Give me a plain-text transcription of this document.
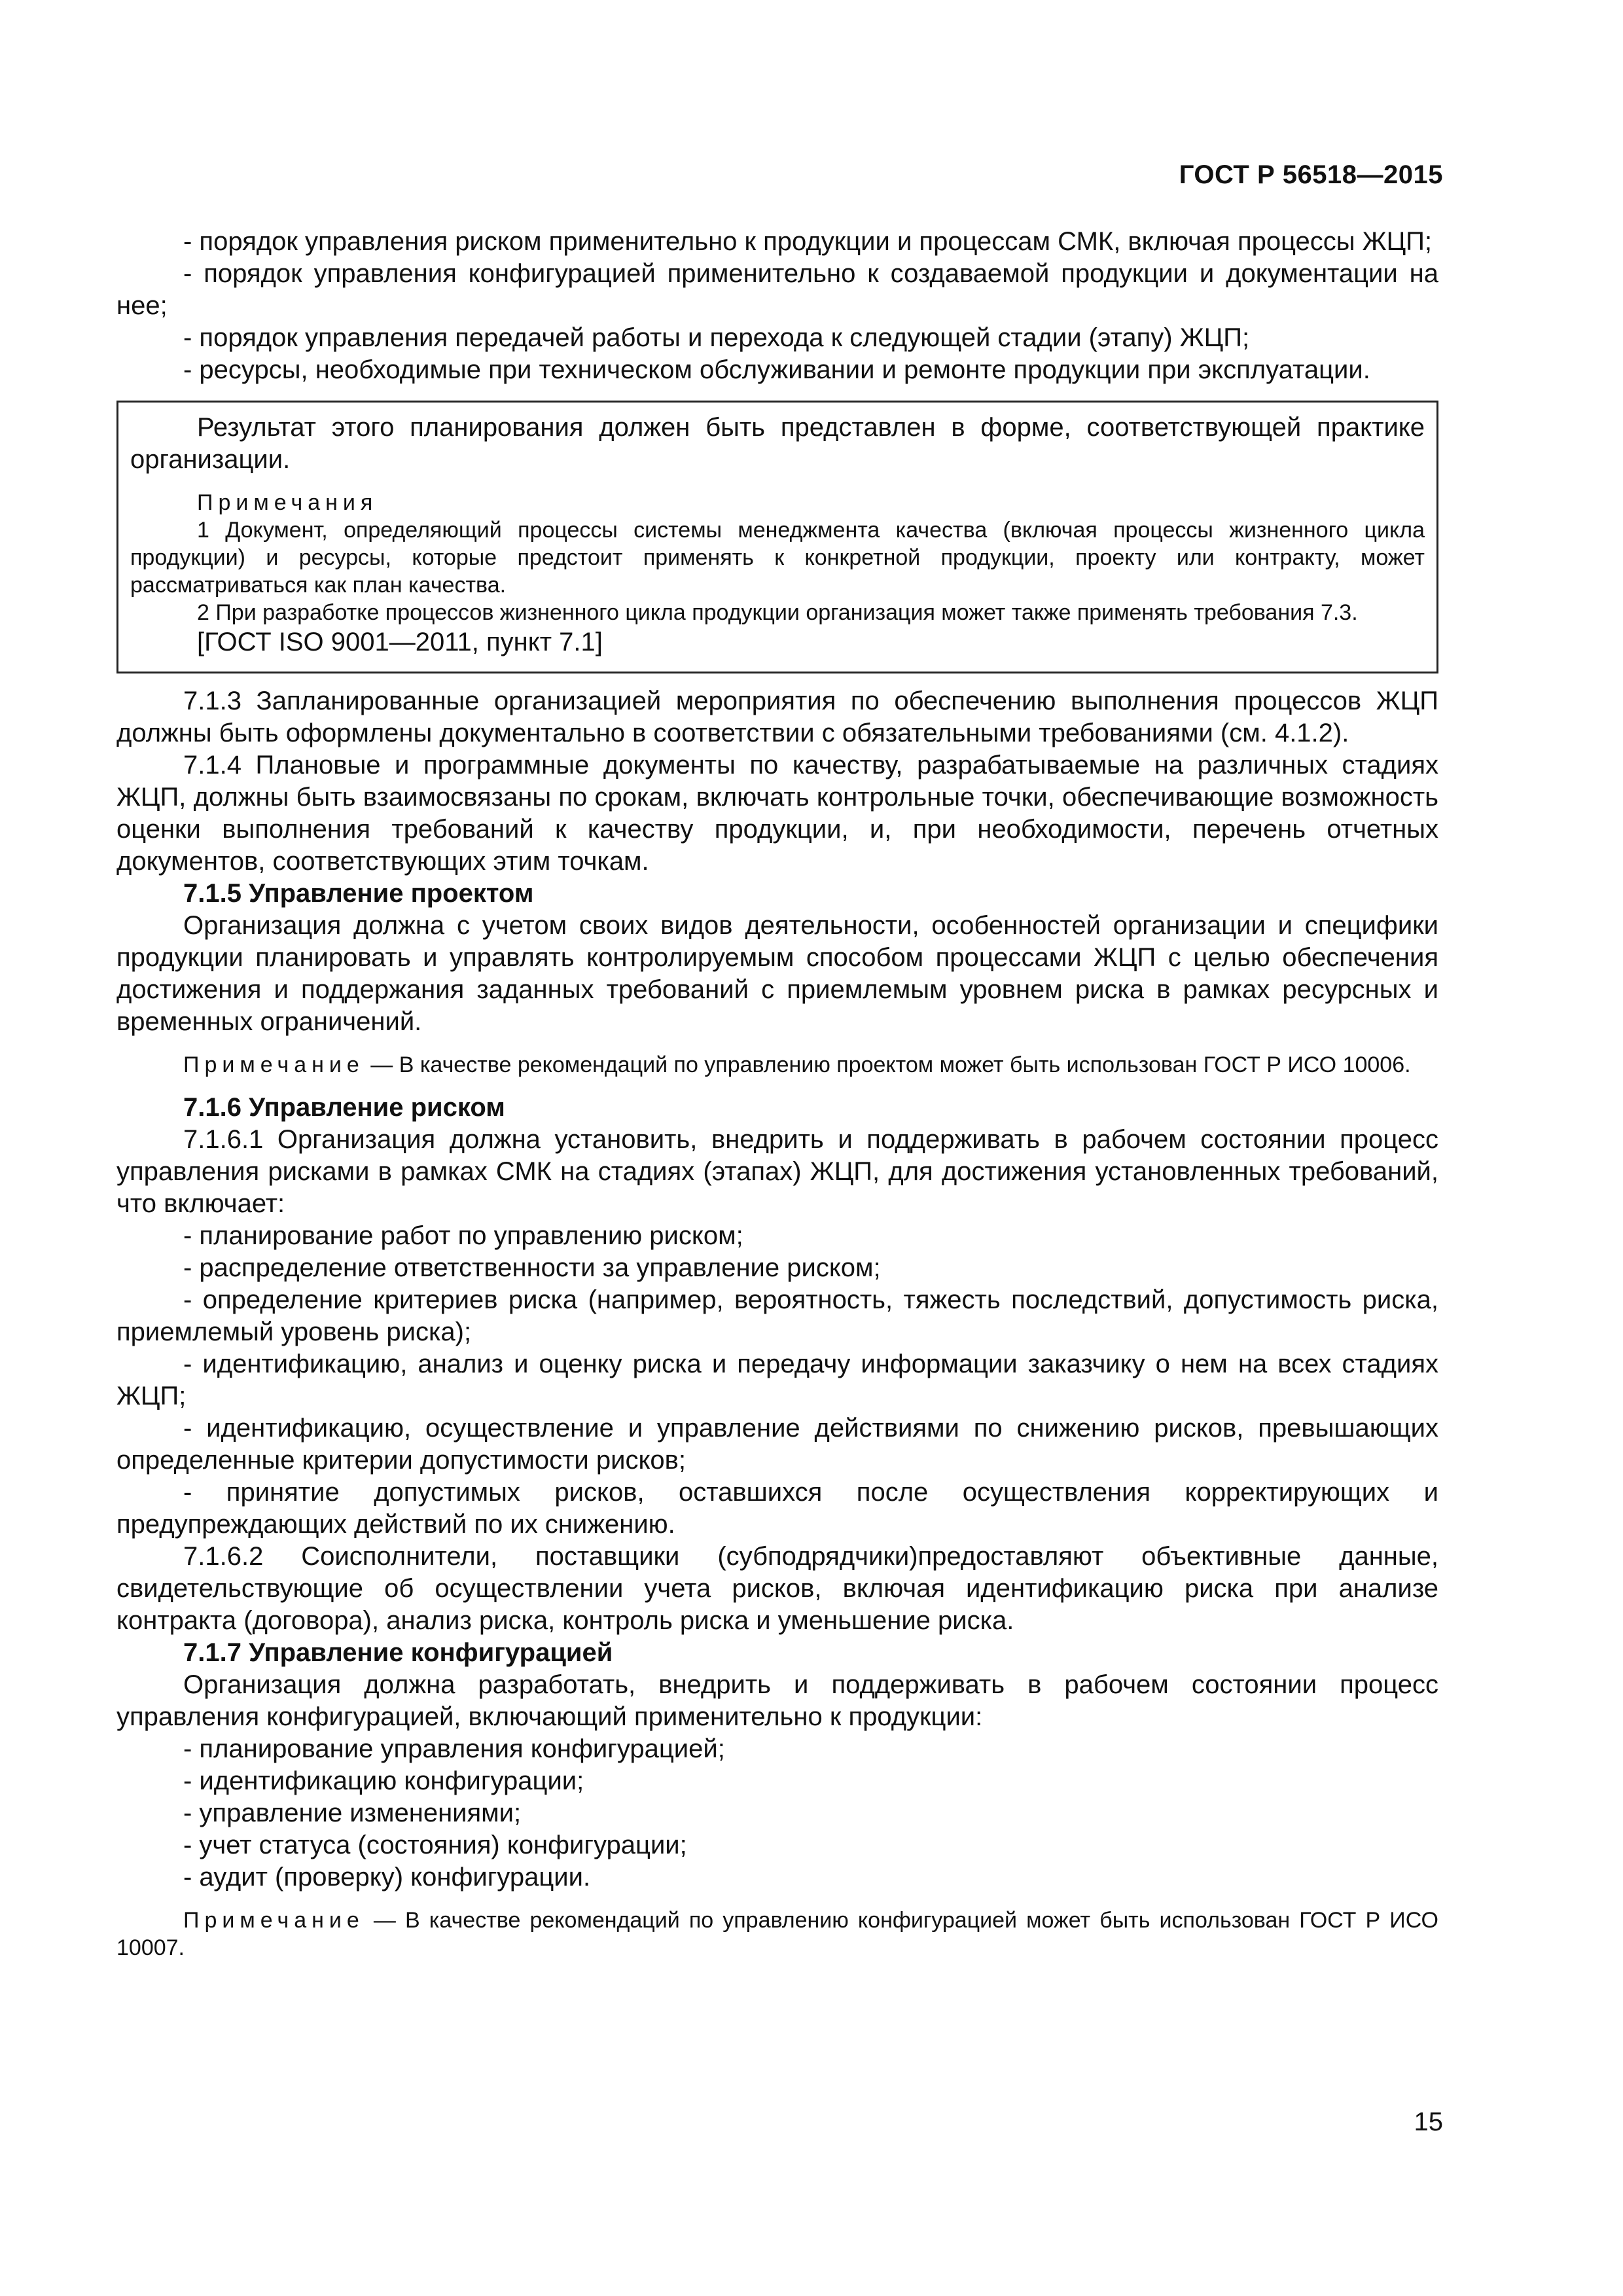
ГОСТ Р 56518—2015

- порядок управления риском применительно к продукции и процессам СМК, включая процессы ЖЦП;

- порядок управления конфигурацией применительно к создаваемой продукции и документации на нее;

- порядок управления передачей работы и перехода к следующей стадии (этапу) ЖЦП;

- ресурсы, необходимые при техническом обслуживании и ремонте продукции при эксплуатации.

Результат этого планирования должен быть представлен в форме, соответствующей практике организации.

Примечания

1 Документ, определяющий процессы системы менеджмента качества (включая процессы жизненного цикла продукции) и ресурсы, которые предстоит применять к конкретной продукции, проекту или контракту, может рассматриваться как план качества.

2 При разработке процессов жизненного цикла продукции организация может также применять требования 7.3.

[ГОСТ ISO 9001—2011, пункт 7.1]

7.1.3 Запланированные организацией мероприятия по обеспечению выполнения процессов ЖЦП должны быть оформлены документально в соответствии с обязательными требованиями (см. 4.1.2).

7.1.4 Плановые и программные документы по качеству, разрабатываемые на различных стадиях ЖЦП, должны быть взаимосвязаны по срокам, включать контрольные точки, обеспечивающие возможность оценки выполнения требований к качеству продукции, и, при необходимости, перечень отчетных документов, соответствующих этим точкам.

7.1.5 Управление проектом

Организация должна с учетом своих видов деятельности, особенностей организации и специфики продукции планировать и управлять контролируемым способом процессами ЖЦП с целью обеспечения достижения и поддержания заданных требований с приемлемым уровнем риска в рамках ресурсных и временных ограничений.

Примечание — В качестве рекомендаций по управлению проектом может быть использован ГОСТ Р ИСО 10006.

7.1.6 Управление риском

7.1.6.1 Организация должна установить, внедрить и поддерживать в рабочем состоянии процесс управления рисками в рамках СМК на стадиях (этапах) ЖЦП, для достижения установленных требований, что включает:

- планирование работ по управлению риском;

- распределение ответственности за управление риском;

- определение критериев риска (например, вероятность, тяжесть последствий, допустимость риска, приемлемый уровень риска);

- идентификацию, анализ и оценку риска и передачу информации заказчику о нем на всех стадиях ЖЦП;

- идентификацию, осуществление и управление действиями по снижению рисков, превышающих определенные критерии допустимости рисков;

- принятие допустимых рисков, оставшихся после осуществления корректирующих и предупреждающих действий по их снижению.

7.1.6.2 Соисполнители, поставщики (субподрядчики)предоставляют объективные данные, свидетельствующие об осуществлении учета рисков, включая идентификацию риска при анализе контракта (договора), анализ риска, контроль риска и уменьшение риска.

7.1.7 Управление конфигурацией

Организация должна разработать, внедрить и поддерживать в рабочем состоянии процесс управления конфигурацией, включающий применительно к продукции:

- планирование управления конфигурацией;

- идентификацию конфигурации;

- управление изменениями;

- учет статуса (состояния) конфигурации;

- аудит (проверку) конфигурации.

Примечание — В качестве рекомендаций по управлению конфигурацией может быть использован ГОСТ Р ИСО 10007.

15
